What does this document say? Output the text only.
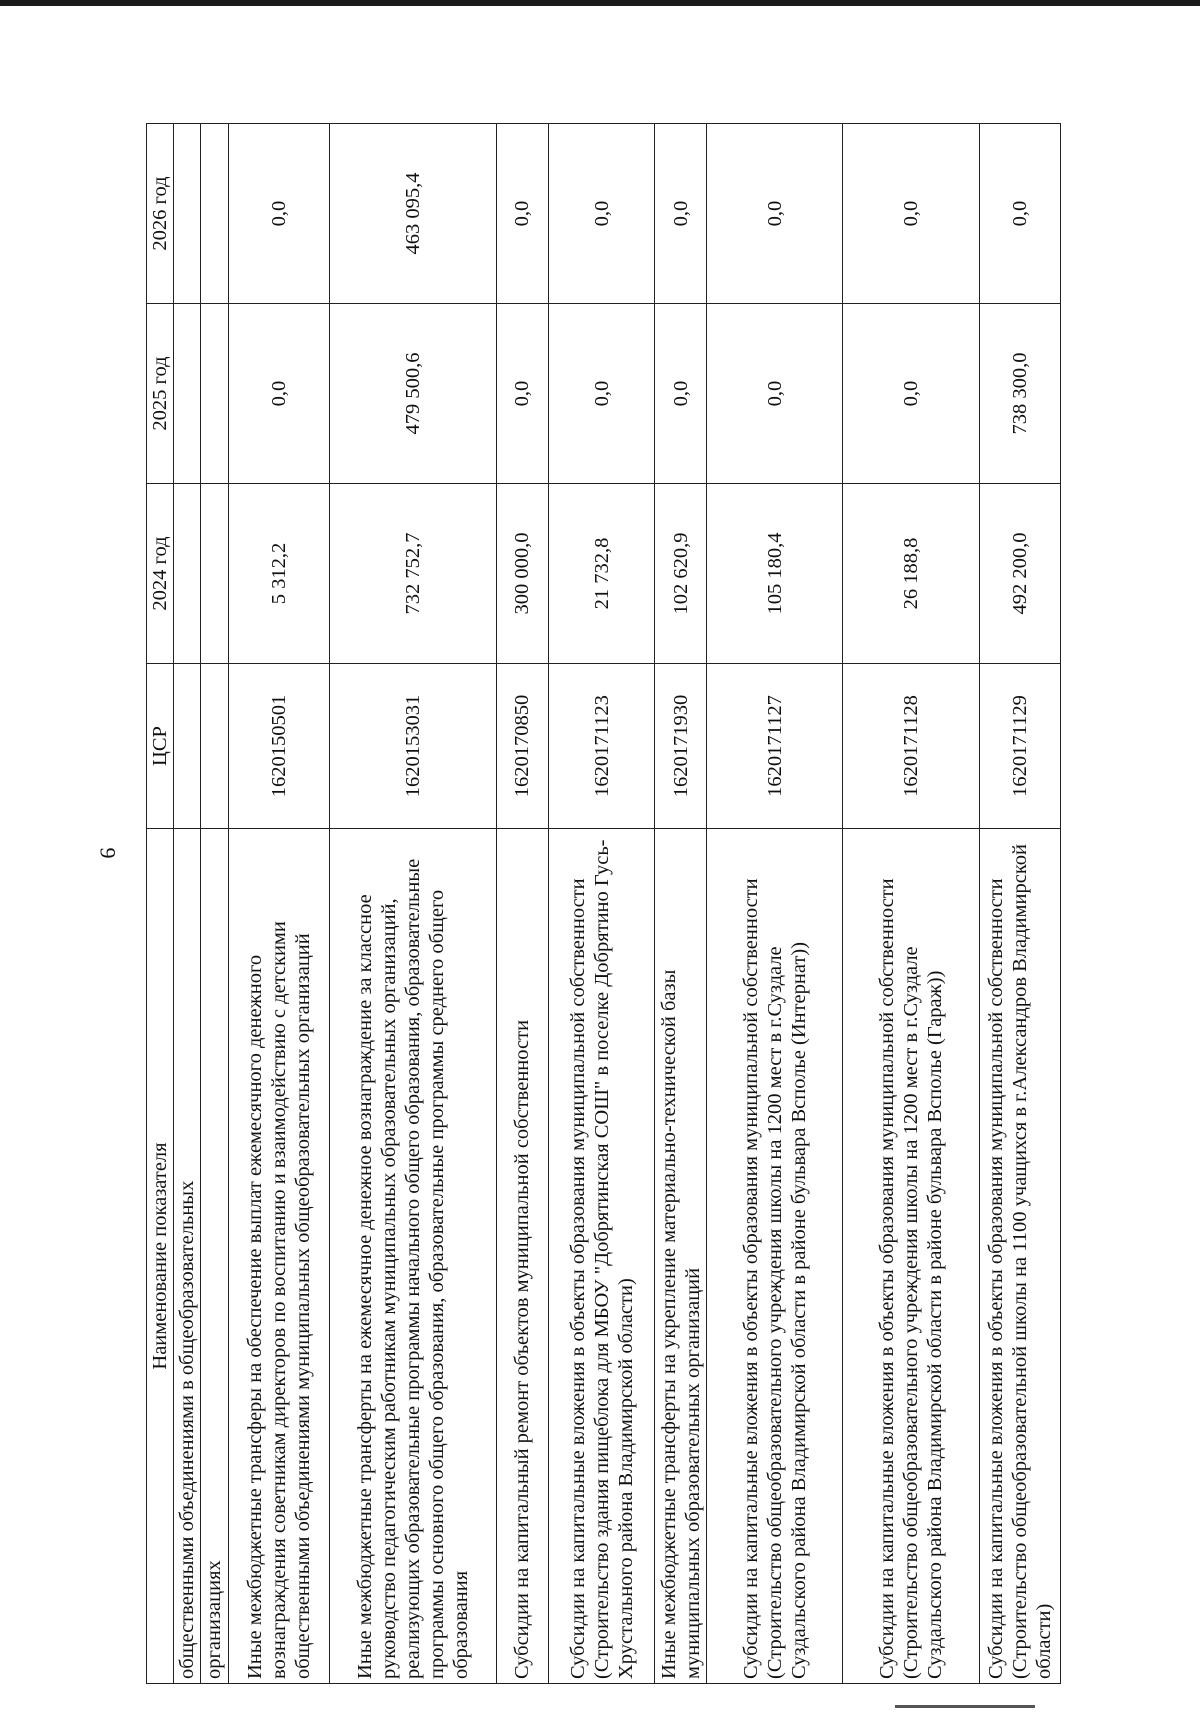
9
Наименование показателя	ЦСР	2024 год	2025 год	2026 год
общественными объединениями в общеобразовательных				
организациях				
Иные межбюджетные трансферы на обеспечение выплат ежемесячного денежного вознаграждения советникам директоров по воспитанию и взаимодействию с детскими общественными объединениями муниципальных общеобразовательных организаций	1620150501	5 312,2	0,0	0,0
Иные межбюджетные трансферты на ежемесячное денежное вознаграждение за классное руководство педагогическим работникам муниципальных образовательных организаций, реализующих образовательные программы начального общего образования, образовательные программы основного общего образования, образовательные программы среднего общего образования	1620153031	732 752,7	479 500,6	463 095,4
Субсидии на капитальный ремонт объектов муниципальной собственности	1620170850	300 000,0	0,0	0,0
Субсидии на капитальные вложения в объекты образования муниципальной собственности (Строительство здания пищеблока для МБОУ "Добрятинская СОШ" в поселке Добрятино Гусь-Хрустального района Владимирской области)	1620171123	21 732,8	0,0	0,0
Иные межбюджетные трансферты на укрепление материально-технической базы муниципальных образовательных организаций	1620171930	102 620,9	0,0	0,0
Субсидии на капитальные вложения в объекты образования муниципальной собственности (Строительство общеобразовательного учреждения школы на 1200 мест в г.Суздале Суздальского района Владимирской области в районе бульвара Всполье (Интернат))	1620171127	105 180,4	0,0	0,0
Субсидии на капитальные вложения в объекты образования муниципальной собственности (Строительство общеобразовательного учреждения школы на 1200 мест в г.Суздале Суздальского района Владимирской области в районе бульвара Всполье (Гараж))	1620171128	26 188,8	0,0	0,0
Субсидии на капитальные вложения в объекты образования муниципальной собственности (Строительство общеобразовательной школы на 1100 учащихся в г.Александров Владимирской области)	1620171129	492 200,0	738 300,0	0,0
